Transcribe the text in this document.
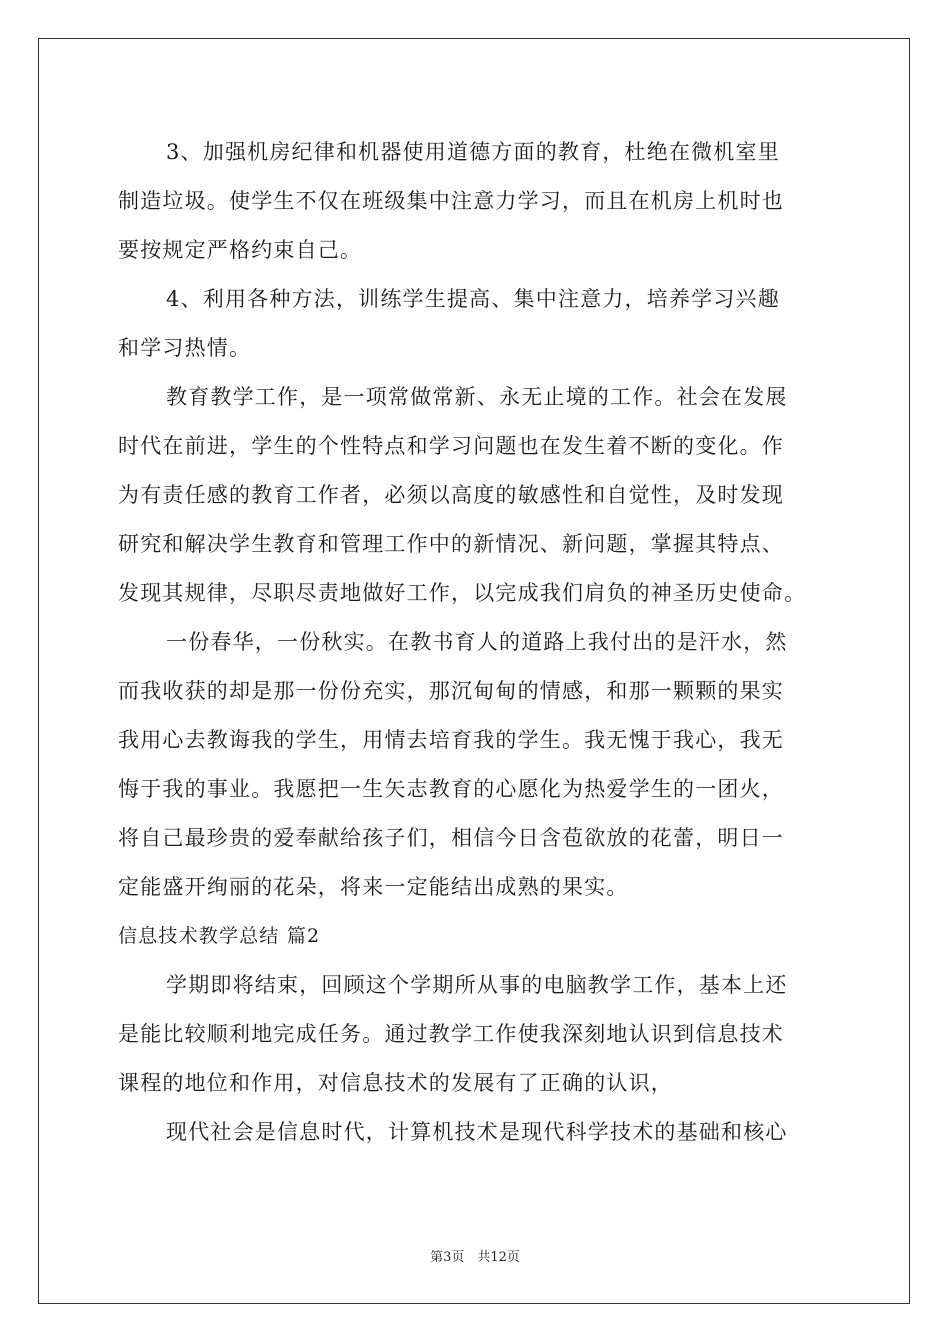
3、加强机房纪律和机器使用道德方面的教育，杜绝在微机室里
制造垃圾。使学生不仅在班级集中注意力学习，而且在机房上机时也
要按规定严格约束自己。
4、利用各种方法，训练学生提高、集中注意力，培养学习兴趣
和学习热情。
教育教学工作，是一项常做常新、永无止境的工作。社会在发展
时代在前进，学生的个性特点和学习问题也在发生着不断的变化。作
为有责任感的教育工作者，必须以高度的敏感性和自觉性，及时发现
研究和解决学生教育和管理工作中的新情况、新问题，掌握其特点、
发现其规律，尽职尽责地做好工作，以完成我们肩负的神圣历史使命。
一份春华，一份秋实。在教书育人的道路上我付出的是汗水，然
而我收获的却是那一份份充实，那沉甸甸的情感，和那一颗颗的果实
我用心去教诲我的学生，用情去培育我的学生。我无愧于我心，我无
悔于我的事业。我愿把一生矢志教育的心愿化为热爱学生的一团火，
将自己最珍贵的爱奉献给孩子们，相信今日含苞欲放的花蕾，明日一
定能盛开绚丽的花朵，将来一定能结出成熟的果实。
信息技术教学总结 篇2
学期即将结束，回顾这个学期所从事的电脑教学工作，基本上还
是能比较顺利地完成任务。通过教学工作使我深刻地认识到信息技术
课程的地位和作用，对信息技术的发展有了正确的认识，
现代社会是信息时代，计算机技术是现代科学技术的基础和核心
第3页　共12页
